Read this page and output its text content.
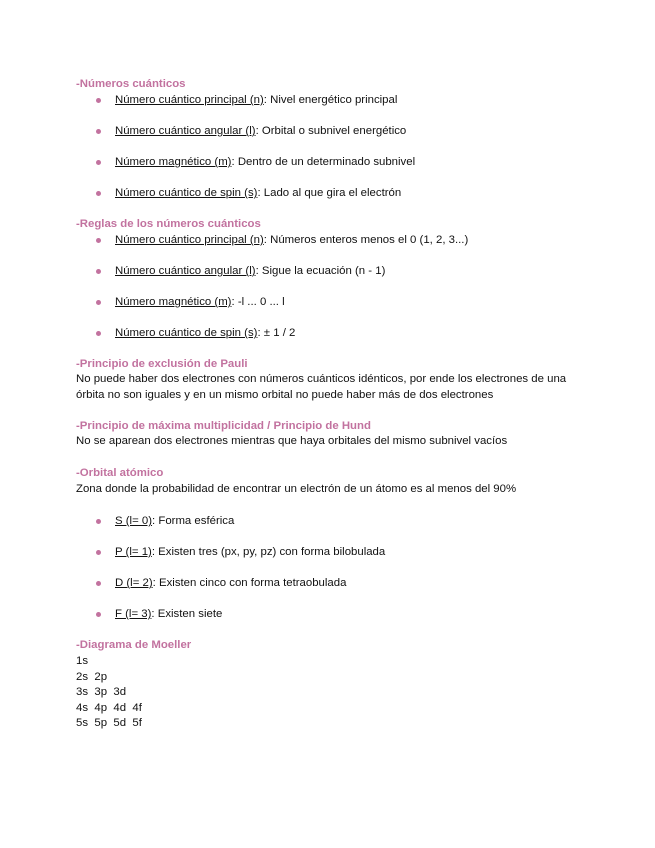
-Números cuánticos
Número cuántico principal (n): Nivel energético principal
Número cuántico angular (l): Orbital o subnivel energético
Número magnético (m): Dentro de un determinado subnivel
Número cuántico de spin (s): Lado al que gira el electrón
-Reglas de los números cuánticos
Número cuántico principal (n): Números enteros menos el 0 (1, 2, 3...)
Número cuántico angular (l): Sigue la ecuación (n - 1)
Número magnético (m): -l ... 0 ... l
Número cuántico de spin (s): ± 1 / 2
-Principio de exclusión de Pauli
No puede haber dos electrones con números cuánticos idénticos, por ende los electrones de una órbita no son iguales y en un mismo orbital no puede haber más de dos electrones
-Principio de máxima multiplicidad / Principio de Hund
No se aparean dos electrones mientras que haya orbitales del mismo subnivel vacíos
-Orbital atómico
Zona donde la probabilidad de encontrar un electrón de un átomo es al menos del 90%
S (l= 0): Forma esférica
P (l= 1): Existen tres (px, py, pz) con forma bilobulada
D (l= 2): Existen cinco con forma tetraobulada
F (l= 3): Existen siete
-Diagrama de Moeller
1s
2s  2p
3s  3p  3d
4s  4p  4d  4f
5s  5p  5d  5f
